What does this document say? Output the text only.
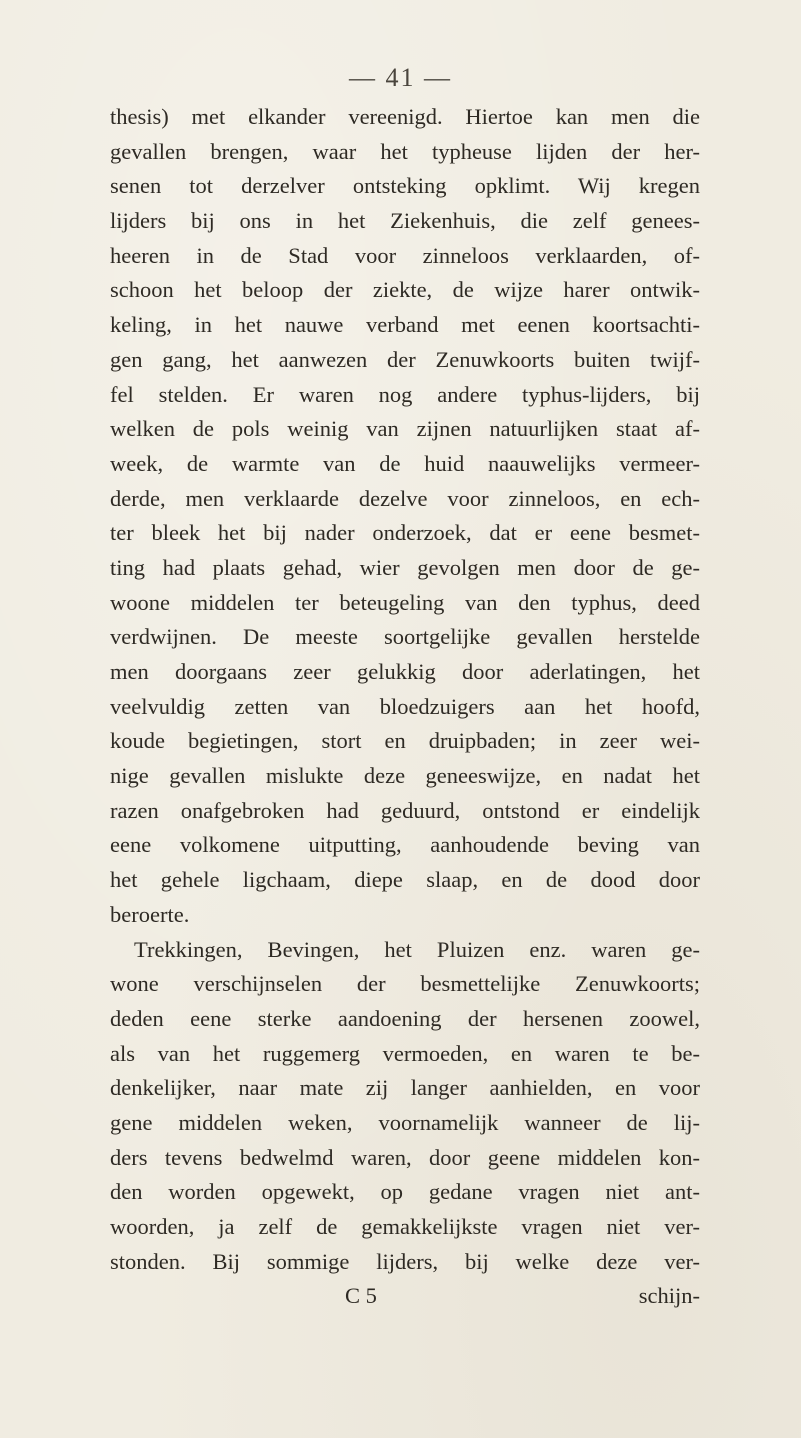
— 41 —
thesis) met elkander vereenigd. Hiertoe kan men die
gevallen brengen, waar het typheuse lijden der her-
senen tot derzelver ontsteking opklimt. Wij kregen
lijders bij ons in het Ziekenhuis, die zelf genees-
heeren in de Stad voor zinneloos verklaarden, of-
schoon het beloop der ziekte, de wijze harer ontwik-
keling, in het nauwe verband met eenen koortsachti-
gen gang, het aanwezen der Zenuwkoorts buiten twijf-
fel stelden. Er waren nog andere typhus-lijders, bij
welken de pols weinig van zijnen natuurlijken staat af-
week, de warmte van de huid naauwelijks vermeer-
derde, men verklaarde dezelve voor zinneloos, en ech-
ter bleek het bij nader onderzoek, dat er eene besmet-
ting had plaats gehad, wier gevolgen men door de ge-
woone middelen ter beteugeling van den typhus, deed
verdwijnen. De meeste soortgelijke gevallen herstelde
men doorgaans zeer gelukkig door aderlatingen, het
veelvuldig zetten van bloedzuigers aan het hoofd,
koude begietingen, stort en druipbaden; in zeer wei-
nige gevallen mislukte deze geneeswijze, en nadat het
razen onafgebroken had geduurd, ontstond er eindelijk
eene volkomene uitputting, aanhoudende beving van
het gehele ligchaam, diepe slaap, en de dood door
beroerte.
Trekkingen, Bevingen, het Pluizen enz. waren ge-
wone verschijnselen der besmettelijke Zenuwkoorts;
deden eene sterke aandoening der hersenen zoowel,
als van het ruggemerg vermoeden, en waren te be-
denkelijker, naar mate zij langer aanhielden, en voor
gene middelen weken, voornamelijk wanneer de lij-
ders tevens bedwelmd waren, door geene middelen kon-
den worden opgewekt, op gedane vragen niet ant-
woorden, ja zelf de gemakkelijkste vragen niet ver-
stonden. Bij sommige lijders, bij welke deze ver-
C 5	schijn-
